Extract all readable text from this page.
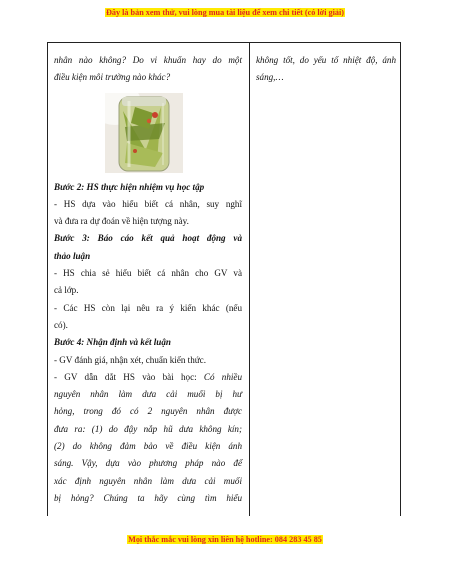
Đây là bản xem thử, vui lòng mua tài liệu để xem chi tiết (có lời giải)

nhân nào không? Do vi khuẩn hay do một

điều kiện môi trường nào khác?

Bước 2: HS thực hiện nhiệm vụ học tập

- HS dựa vào hiểu biết cá nhân, suy nghĩ

và đưa ra dự đoán về hiện tượng này.

Bước 3: Báo cáo kết quả hoạt động và

thảo luận

- HS chia sẻ hiểu biết cá nhân cho GV và

cả lớp.

- Các HS còn lại nêu ra ý kiến khác (nếu

có).

Bước 4: Nhận định và kết luận

- GV đánh giá, nhận xét, chuẩn kiến thức.

- GV dẫn dắt HS vào bài học: Có nhiều

nguyên nhân làm dưa cải muối bị hư

hỏng, trong đó có 2 nguyên nhân được

đưa ra: (1) do đậy nắp hũ dưa không kín;

(2) do không đảm bảo về điều kiện ánh

sáng. Vậy, dựa vào phương pháp nào để

xác định nguyên nhân làm dưa cải muối

bị hỏng? Chúng ta hãy cùng tìm hiểu

không tốt, do yếu tố nhiệt độ, ánh

sáng,…

Mọi thắc mắc vui lòng xin liên hệ hotline: 084 283 45 85
